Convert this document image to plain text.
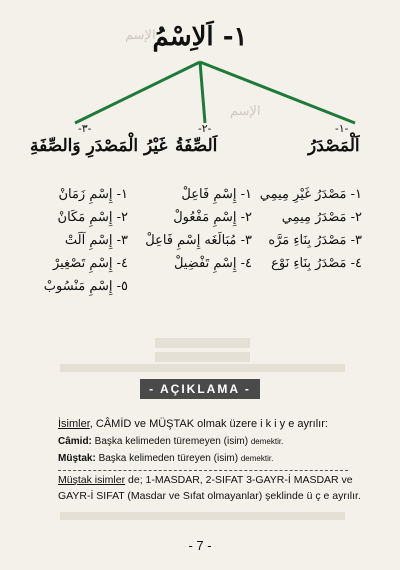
الإسم
الإسم
١- اَلاِسْمُ
-١-
-٢-
-٣-
اَلْمَصْدَرُ
اَلصِّفَةُ
غَيْرُ الْمَصْدَرِ وَالصِّفَةِ
١- مَصْدَرُ غَيْرِ مِيمِي
٢- مَصْدَرُ مِيمِي
٣- مَصْدَرُ بِنَاءِ مَرَّه
٤- مَصْدَرُ بِنَاءِ نَوْع
١- إِسْمِ فَاعِلْ
٢- إِسْمِ مَفْعُولْ
٣- مُبَالَغَه إِسْمِ فَاعِلْ
٤- إِسْمِ تَفْضِيلْ
١- إِسْمِ زَمَانْ
٢- إِسْمِ مَكَانْ
٣- إِسْمِ آلَتْ
٤- إِسْمِ تَصْغِيرْ
٥- إِسْمِ مَنْسُوبْ
- AÇIKLAMA -
İsimler, CÂMİD ve MÜŞTAK olmak üzere i k i y e ayrılır:
Câmid: Başka kelimeden türemeyen (isim) demektir.
Müştak: Başka kelimeden türeyen (isim) demektir.
Müştak isimler de; 1-MASDAR, 2-SIFAT 3-GAYR-İ MASDAR ve
GAYR-İ SIFAT (Masdar ve Sıfat olmayanlar) şeklinde ü ç e ayrılır.
- 7 -
